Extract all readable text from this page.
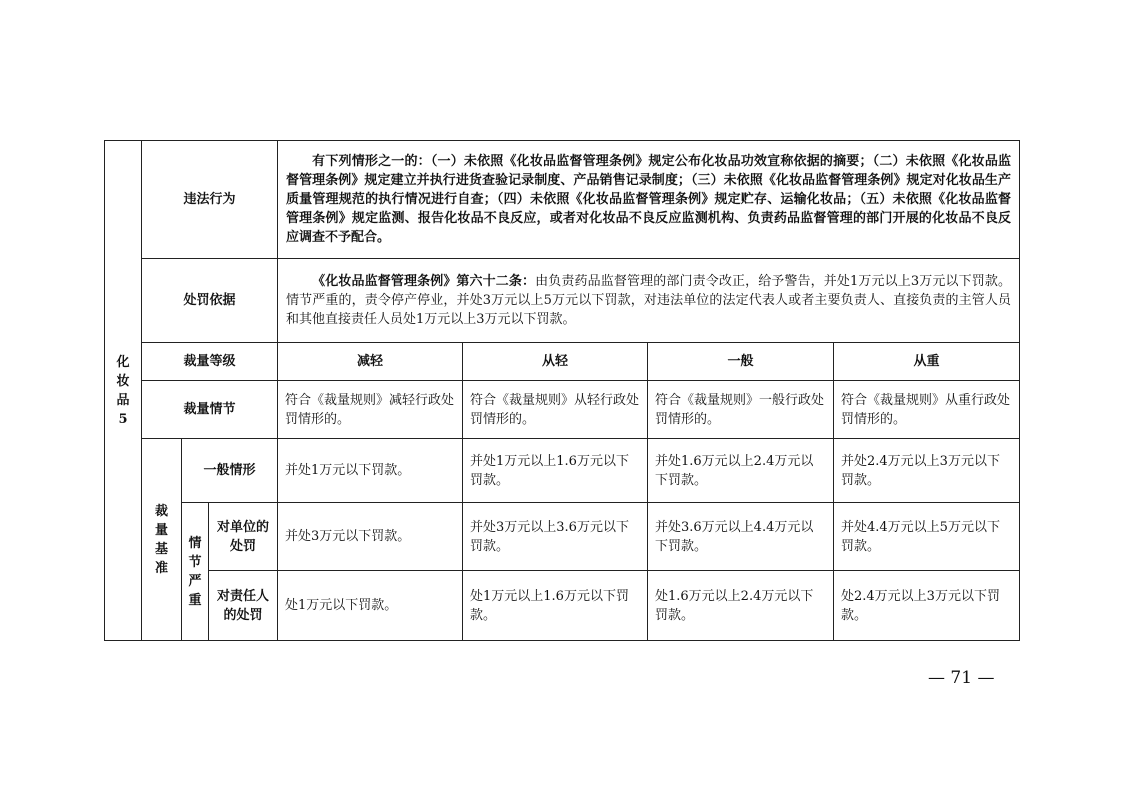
化妆品5	违法行为			有下列情形之一的：（一）未依照《化妆品监督管理条例》规定公布化妆品功效宣称依据的摘要；（二）未依照《化妆品监督管理条例》规定建立并执行进货查验记录制度、产品销售记录制度；（三）未依照《化妆品监督管理条例》规定对化妆品生产质量管理规范的执行情况进行自查；（四）未依照《化妆品监督管理条例》规定贮存、运输化妆品；（五）未依照《化妆品监督管理条例》规定监测、报告化妆品不良反应，或者对化妆品不良反应监测机构、负责药品监督管理的部门开展的化妆品不良反应调查不予配合。			
	处罚依据			《化妆品监督管理条例》第六十二条：由负责药品监督管理的部门责令改正，给予警告，并处1万元以上3万元以下罚款。情节严重的，责令停产停业，并处3万元以上5万元以下罚款，对违法单位的法定代表人或者主要负责人、直接负责的主管人员和其他直接责任人员处1万元以上3万元以下罚款。			
	裁量等级			减轻	从轻	一般	从重
	裁量情节			符合《裁量规则》减轻行政处罚情形的。	符合《裁量规则》从轻行政处罚情形的。	符合《裁量规则》一般行政处罚情形的。	符合《裁量规则》从重行政处罚情形的。
	裁量基准	一般情形		并处1万元以下罚款。	并处1万元以上1.6万元以下罚款。	并处1.6万元以上2.4万元以下罚款。	并处2.4万元以上3万元以下罚款。
		情节严重	对单位的处罚	并处3万元以下罚款。	并处3万元以上3.6万元以下罚款。	并处3.6万元以上4.4万元以下罚款。	并处4.4万元以上5万元以下罚款。
			对责任人的处罚	处1万元以下罚款。	处1万元以上1.6万元以下罚款。	处1.6万元以上2.4万元以下罚款。	处2.4万元以上3万元以下罚款。
— 71 —
